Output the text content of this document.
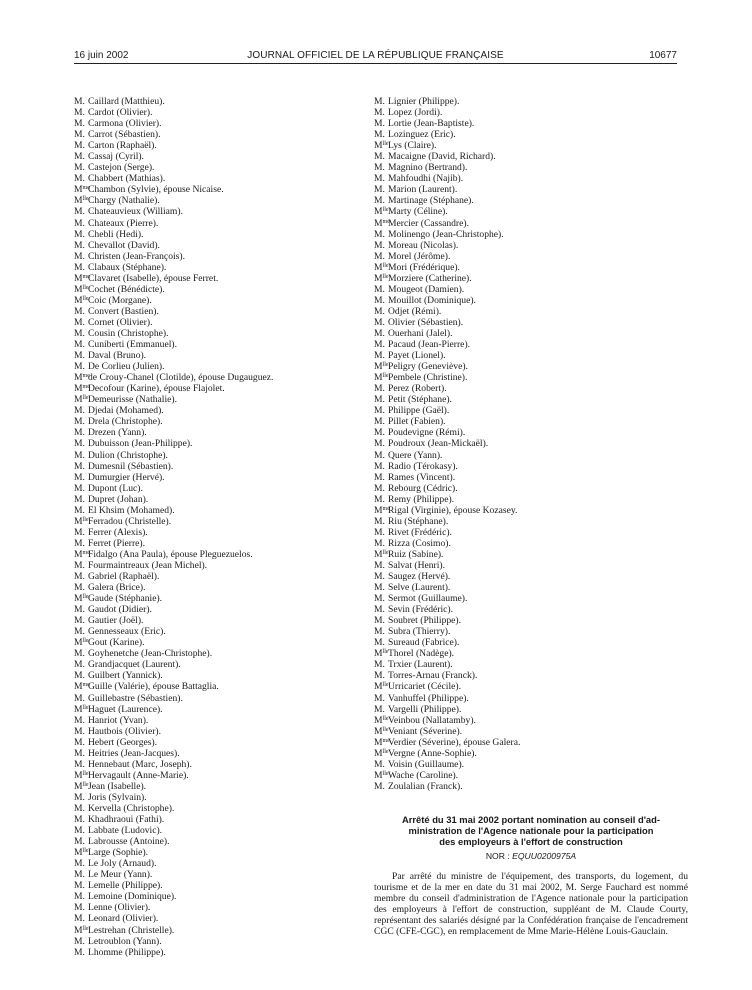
16 juin 2002	JOURNAL OFFICIEL DE LA RÉPUBLIQUE FRANÇAISE	10677
M. Caillard (Matthieu).
M. Cardot (Olivier).
M. Carmona (Olivier).
M. Carrot (Sébastien).
M. Carton (Raphaël).
M. Cassaj (Cyril).
M. Castejon (Serge).
M. Chabbert (Mathias).
$M^{me}Chambon$ (Sylvie), épouse Nicaise.
$M^{lle}Chargy$ (Nathalie).
M. Chateauvieux (William).
M. Chateaux (Pierre).
M. Chebli (Hedi).
M. Chevallot (David).
M. Christen (Jean-François).
M. Clabaux (Stéphane).
$M^{me}Clavaret$ (Isabelle), épouse Ferret.
$M^{lle}Cochet$ (Bénédicte).
$M^{lle}Coic$ (Morgane).
M. Convert (Bastien).
M. Cornet (Olivier).
M. Cousin (Christophe).
M. Cuniberti (Emmanuel).
M. Daval (Bruno).
M. De Corlieu (Julien).
$M^{me}de$ Crouy-Chanel (Clotilde), épouse Dugauguez.
$M^{me}Decofour$ (Karine), épouse Flajolet.
$M^{lle}Demeurisse$ (Nathalie).
M. Djedai (Mohamed).
M. Drela (Christophe).
M. Drezen (Yann).
M. Dubuisson (Jean-Philippe).
M. Dulion (Christophe).
M. Dumesnil (Sébastien).
M. Dumurgier (Hervé).
M. Dupont (Luc).
M. Dupret (Johan).
M. El Khsim (Mohamed).
$M^{lle}Ferradou$ (Christelle).
M. Ferrer (Alexis).
M. Ferret (Pierre).
$M^{me}Fidalgo$ (Ana Paula), épouse Pleguezuelos.
M. Fourmaintreaux (Jean Michel).
M. Gabriel (Raphaël).
M. Galera (Brice).
$M^{lle}Gaude$ (Stéphanie).
M. Gaudot (Didier).
M. Gautier (Joël).
M. Gennesseaux (Eric).
$M^{lle}Gout$ (Karine).
M. Goyhenetche (Jean-Christophe).
M. Grandjacquet (Laurent).
M. Guilbert (Yannick).
$M^{me}Guille$ (Valérie), épouse Battaglia.
M. Guillebastre (Sébastien).
$M^{lle}Haguet$ (Laurence).
M. Hanriot (Yvan).
M. Hautbois (Olivier).
M. Hebert (Georges).
M. Heitries (Jean-Jacques).
M. Hennebaut (Marc, Joseph).
$M^{lle}Hervagault$ (Anne-Marie).
$M^{lle}Jean$ (Isabelle).
M. Joris (Sylvain).
M. Kervella (Christophe).
M. Khadhraoui (Fathi).
M. Labbate (Ludovic).
M. Labrousse (Antoine).
$M^{lle}Large$ (Sophie).
M. Le Joly (Arnaud).
M. Le Meur (Yann).
M. Lemelle (Philippe).
M. Lemoine (Dominique).
M. Lenne (Olivier).
M. Leonard (Olivier).
$M^{lle}Lestrehan$ (Christelle).
M. Letroublon (Yann).
M. Lhomme (Philippe).
M. Lignier (Philippe).
M. Lopez (Jordi).
M. Lortie (Jean-Baptiste).
M. Lozinguez (Eric).
$M^{lle}Lys$ (Claire).
M. Macaigne (David, Richard).
M. Magnino (Bertrand).
M. Mahfoudhi (Najib).
M. Marion (Laurent).
M. Martinage (Stéphane).
$M^{lle}Marty$ (Céline).
$M^{me}Mercier$ (Cassandre).
M. Molinengo (Jean-Christophe).
M. Moreau (Nicolas).
M. Morel (Jérôme).
$M^{lle}Mori$ (Frédérique).
$M^{lle}Morziere$ (Catherine).
M. Mougeot (Damien).
M. Mouillot (Dominique).
M. Odjet (Rémi).
M. Olivier (Sébastien).
M. Ouerhani (Jalel).
M. Pacaud (Jean-Pierre).
M. Payet (Lionel).
$M^{lle}Peligry$ (Geneviève).
$M^{lle}Pembele$ (Christine).
M. Perez (Robert).
M. Petit (Stéphane).
M. Philippe (Gaël).
M. Pillet (Fabien).
M. Poudevigne (Rémi).
M. Poudroux (Jean-Mickaël).
M. Quere (Yann).
M. Radio (Térokasy).
M. Rames (Vincent).
M. Rebourg (Cédric).
M. Remy (Philippe).
$M^{me}Rigal$ (Virginie), épouse Kozasey.
M. Riu (Stéphane).
M. Rivet (Frédéric).
M. Rizza (Cosimo).
$M^{lle}Ruiz$ (Sabine).
M. Salvat (Henri).
M. Saugez (Hervé).
M. Selve (Laurent).
M. Sermot (Guillaume).
M. Sevin (Frédéric).
M. Soubret (Philippe).
M. Subra (Thierry).
M. Sureaud (Fabrice).
$M^{lle}Thorel$ (Nadège).
M. Trxier (Laurent).
M. Torres-Arnau (Franck).
$M^{lle}Urricariet$ (Cécile).
M. Vanhuffel (Philippe).
M. Vargelli (Philippe).
$M^{lle}Veinbou$ (Nallatamby).
$M^{lle}Veniant$ (Séverine).
$M^{me}Verdier$ (Séverine), épouse Galera.
$M^{lle}Vergne$ (Anne-Sophie).
M. Voisin (Guillaume).
$M^{lle}Wache$ (Caroline).
M. Zoulalian (Franck).

Arrêté du 31 mai 2002 portant nomination au conseil d'ad-
ministration de l'Agence nationale pour la participation
des employeurs à l'effort de construction

NOR : EQUU0200975A

Par arrêté du ministre de l'équipement, des transports, du logement, du tourisme et de la mer en date du 31 mai 2002, M. Serge Fauchard est nommé membre du conseil d'administration de l'Agence nationale pour la participation des employeurs à l'effort de construction, suppléant de M. Claude Courty, représentant des salariés désigné par la Confédération française de l'encadrement CGC (CFE-CGC), en remplacement de Mme Marie-Hélène Louis-Gauclain.
